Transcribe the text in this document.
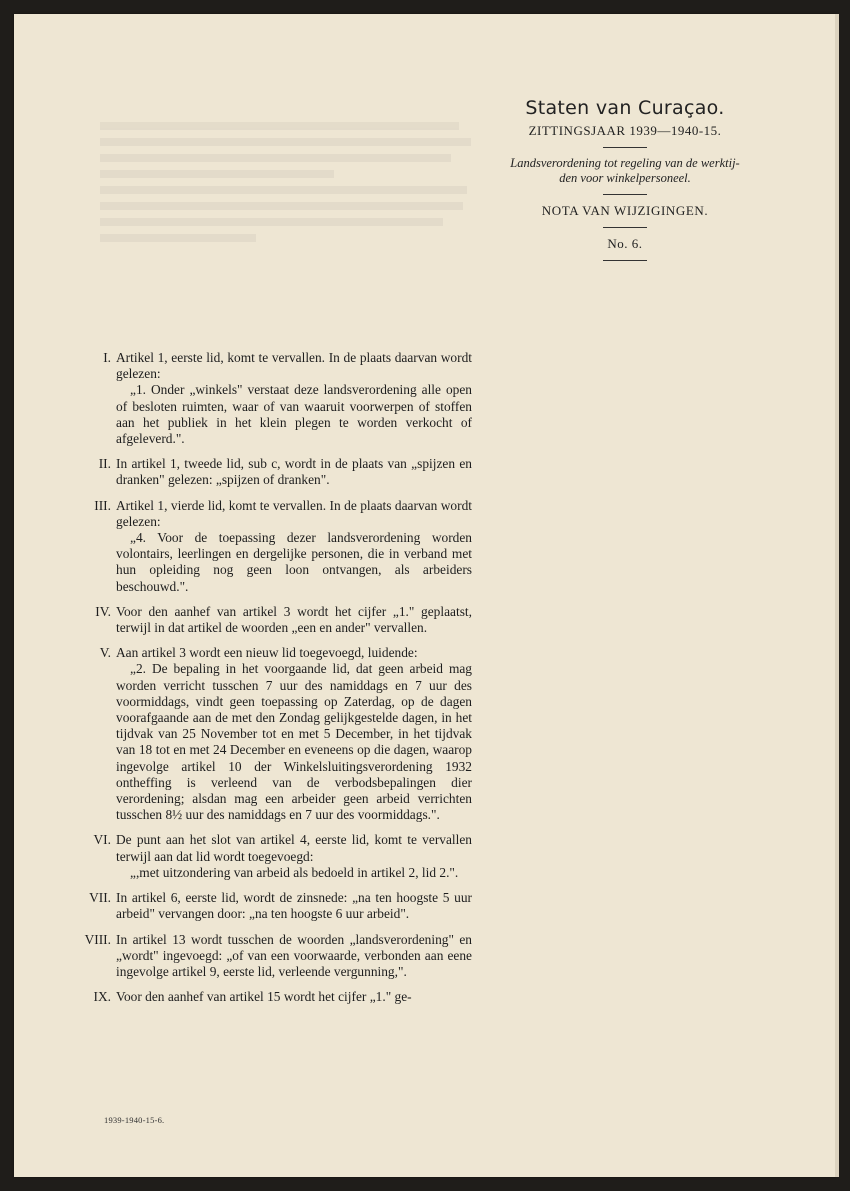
Staten van Curaçao.
ZITTINGSJAAR 1939—1940-15.
Landsverordening tot regeling van de werktij-
den voor winkelpersoneel.
NOTA VAN WIJZIGINGEN.
No. 6.
I. Artikel 1, eerste lid, komt te vervallen. In de plaats daarvan wordt gelezen:

„1. Onder „winkels" verstaat deze landsverordening alle open of besloten ruimten, waar of van waaruit voorwerpen of stoffen aan het publiek in het klein plegen te worden verkocht of afgeleverd.".

II. In artikel 1, tweede lid, sub c, wordt in de plaats van „spijzen en dranken" gelezen: „spijzen of dranken".

III. Artikel 1, vierde lid, komt te vervallen. In de plaats daarvan wordt gelezen:

„4. Voor de toepassing dezer landsverordening worden volontairs, leerlingen en dergelijke personen, die in verband met hun opleiding nog geen loon ontvangen, als arbeiders beschouwd.".

IV. Voor den aanhef van artikel 3 wordt het cijfer „1." geplaatst, terwijl in dat artikel de woorden „een en ander" vervallen.

V. Aan artikel 3 wordt een nieuw lid toegevoegd, luidende:

„2. De bepaling in het voorgaande lid, dat geen arbeid mag worden verricht tusschen 7 uur des namiddags en 7 uur des voormiddags, vindt geen toepassing op Zaterdag, op de dagen voorafgaande aan de met den Zondag gelijkgestelde dagen, in het tijdvak van 25 November tot en met 5 December, in het tijdvak van 18 tot en met 24 December en eveneens op die dagen, waarop ingevolge artikel 10 der Winkelsluitingsverordening 1932 ontheffing is verleend van de verbodsbepalingen dier verordening; alsdan mag een arbeider geen arbeid verrichten tusschen 8½ uur des namiddags en 7 uur des voormiddags.".

VI. De punt aan het slot van artikel 4, eerste lid, komt te vervallen terwijl aan dat lid wordt toegevoegd:

„,met uitzondering van arbeid als bedoeld in artikel 2, lid 2.".

VII. In artikel 6, eerste lid, wordt de zinsnede: „na ten hoogste 5 uur arbeid" vervangen door: „na ten hoogste 6 uur arbeid".

VIII. In artikel 13 wordt tusschen de woorden „landsverordening" en „wordt" ingevoegd: „of van een voorwaarde, verbonden aan eene ingevolge artikel 9, eerste lid, verleende vergunning,".

IX. Voor den aanhef van artikel 15 wordt het cijfer „1." ge-

1939-1940-15-6.
